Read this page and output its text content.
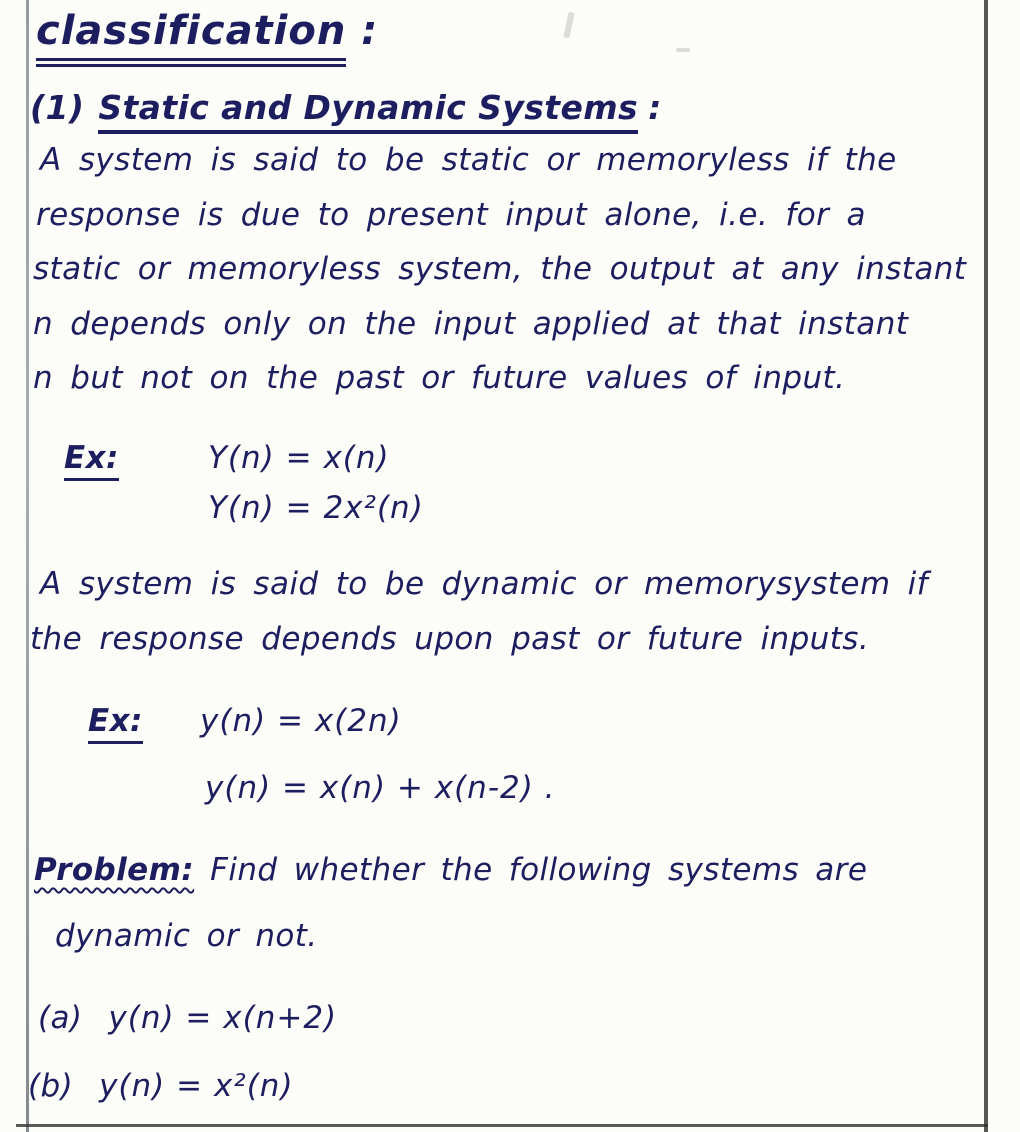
classification :
(1) Static and Dynamic Systems :
A system is said to be static or memoryless if the
response is due to present input alone, i.e. for a
static or memoryless system, the output at any instant
n depends only on the input applied at that instant
n but not on the past or future values of input.
Ex:	Y(n) = x(n)
Y(n) = 2x²(n)
A system is said to be dynamic or memorysystem if
the response depends upon past or future inputs.
Ex: y(n) = x(2n)
y(n) = x(n) + x(n-2) .
Problem: Find whether the following systems are
dynamic or not.
(a) y(n) = x(n+2)
(b) y(n) = x²(n)
